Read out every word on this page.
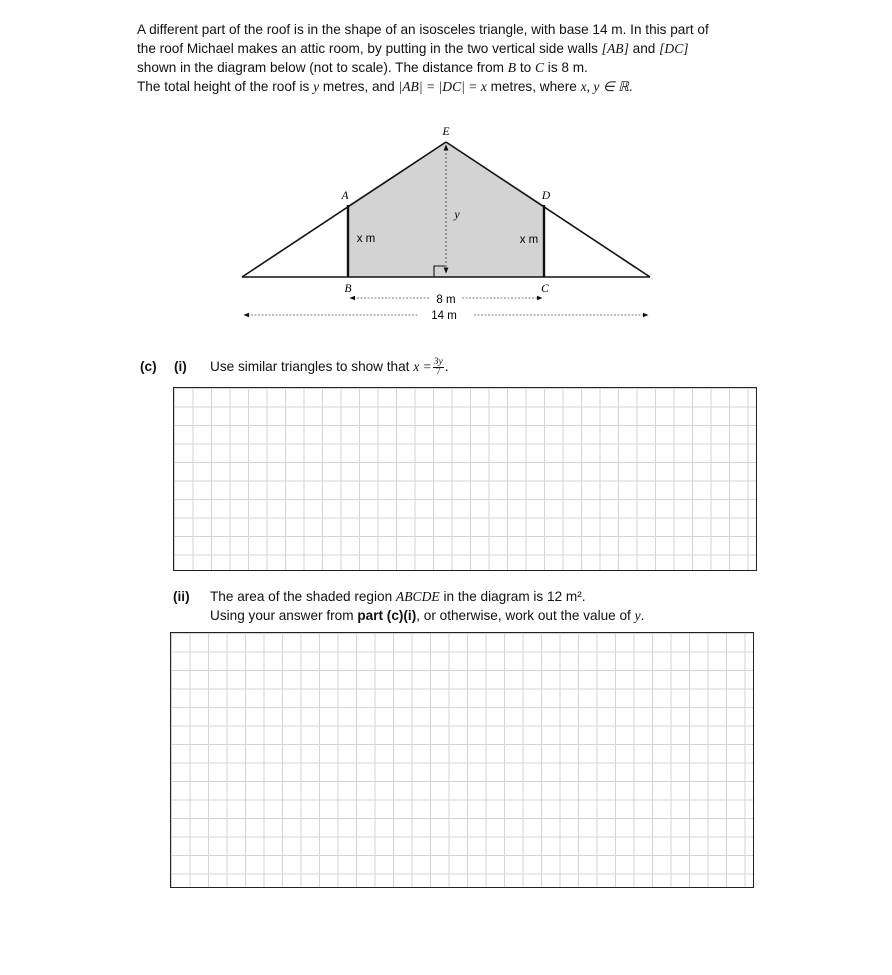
A different part of the roof is in the shape of an isosceles triangle, with base 14 m. In this part of

the roof Michael makes an attic room, by putting in the two vertical side walls [AB] and [DC]

shown in the diagram below (not to scale). The distance from B to C is 8 m.

The total height of the roof is y metres, and |AB| = |DC| = x metres, where x, y ∈ ℝ.

E
A	D
B	C
y
x m	x m
8 m
14 m
(c) (i) Use similar triangles to show that $x = \frac{3y}{7}$ .
(ii) The area of the shaded region ABCDE in the diagram is 12 m².
Using your answer from part (c)(i), or otherwise, work out the value of y.
